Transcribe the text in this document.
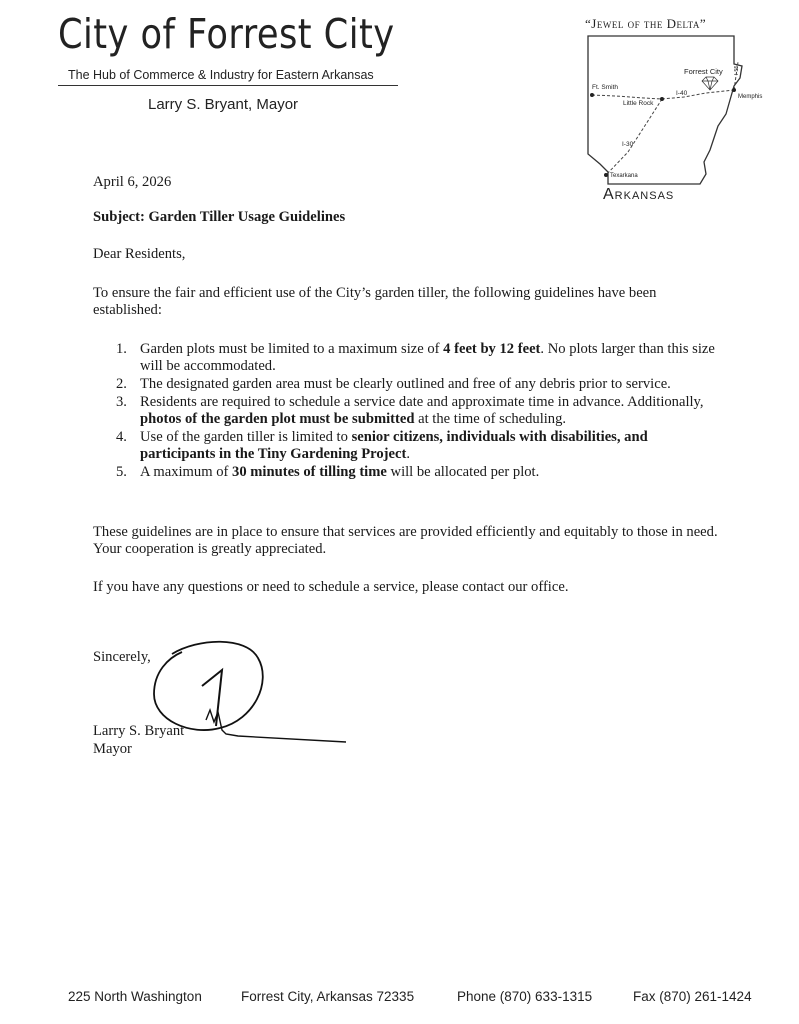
City of Forrest City
The Hub of Commerce & Industry for Eastern Arkansas
Larry S. Bryant, Mayor
“Jewel of the Delta”
Forrest City
Ft. Smith
Little Rock
Memphis
Texarkana
I-40
I-30
I-55
Arkansas
April 6, 2026
Subject: Garden Tiller Usage Guidelines
Dear Residents,
To ensure the fair and efficient use of the City’s garden tiller, the following guidelines have been established:
1. Garden plots must be limited to a maximum size of 4 feet by 12 feet. No plots larger than this size will be accommodated.
2. The designated garden area must be clearly outlined and free of any debris prior to service.
3. Residents are required to schedule a service date and approximate time in advance. Additionally, photos of the garden plot must be submitted at the time of scheduling.
4. Use of the garden tiller is limited to senior citizens, individuals with disabilities, and participants in the Tiny Gardening Project.
5. A maximum of 30 minutes of tilling time will be allocated per plot.
These guidelines are in place to ensure that services are provided efficiently and equitably to those in need. Your cooperation is greatly appreciated.
If you have any questions or need to schedule a service, please contact our office.
Sincerely,
Larry S. Bryant
Mayor
225 North Washington	Forrest City, Arkansas 72335	Phone (870) 633-1315	Fax (870) 261-1424
